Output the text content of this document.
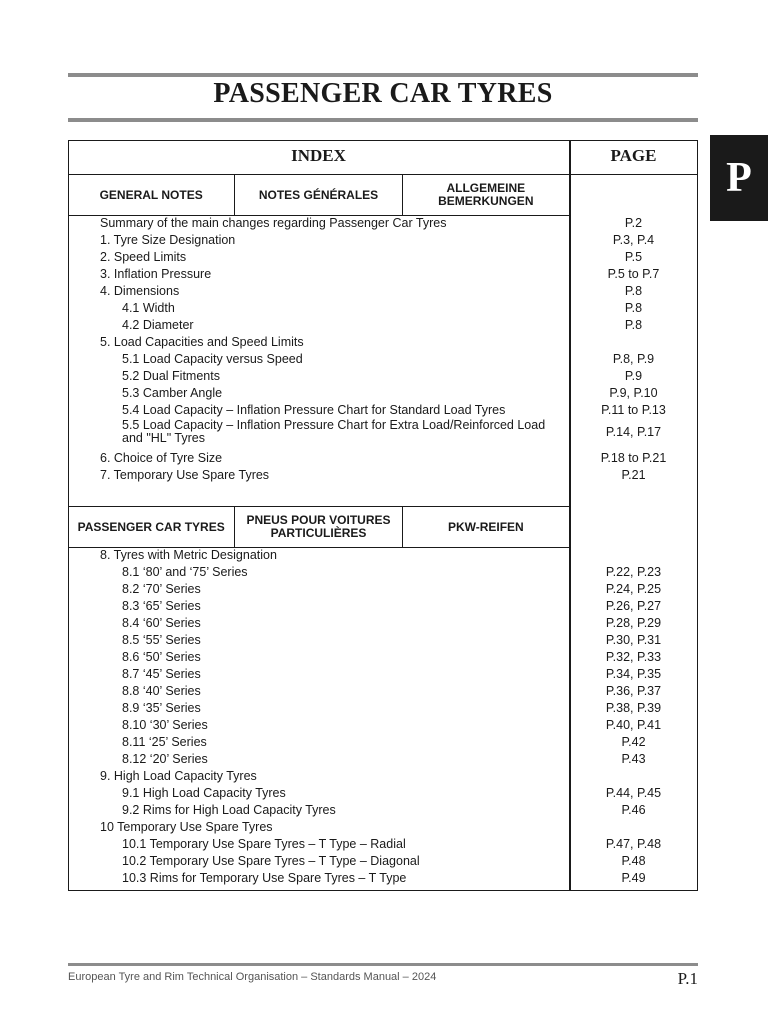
PASSENGER CAR TYRES
P
INDEX	PAGE
GENERAL NOTES	NOTES GÉNÉRALES	ALLGEMEINE BEMERKUNGEN
Summary of the main changes regarding Passenger Car Tyres	P.2
1. Tyre Size Designation	P.3, P.4
2. Speed Limits	P.5
3. Inflation Pressure	P.5 to P.7
4. Dimensions	P.8
4.1 Width	P.8
4.2 Diameter	P.8
5. Load Capacities and Speed Limits
5.1 Load Capacity versus Speed	P.8, P.9
5.2 Dual Fitments	P.9
5.3 Camber Angle	P.9, P.10
5.4 Load Capacity – Inflation Pressure Chart for Standard Load Tyres	P.11 to P.13
5.5 Load Capacity – Inflation Pressure Chart for Extra Load/Reinforced Load and "HL" Tyres	P.14, P.17
6. Choice of Tyre Size	P.18 to P.21
7. Temporary Use Spare Tyres	P.21
PASSENGER CAR TYRES	PNEUS POUR VOITURES PARTICULIÈRES	PKW-REIFEN
8. Tyres with Metric Designation
8.1 ‘80’ and ‘75’ Series	P.22, P.23
8.2 ‘70’ Series	P.24, P.25
8.3 ‘65’ Series	P.26, P.27
8.4 ‘60’ Series	P.28, P.29
8.5 ‘55’ Series	P.30, P.31
8.6 ‘50’ Series	P.32, P.33
8.7 ‘45’ Series	P.34, P.35
8.8 ‘40’ Series	P.36, P.37
8.9 ‘35’ Series	P.38, P.39
8.10 ‘30’ Series	P.40, P.41
8.11 ‘25’ Series	P.42
8.12 ‘20’ Series	P.43
9. High Load Capacity Tyres
9.1 High Load Capacity Tyres	P.44, P.45
9.2 Rims for High Load Capacity Tyres	P.46
10 Temporary Use Spare Tyres
10.1 Temporary Use Spare Tyres – T Type – Radial	P.47, P.48
10.2 Temporary Use Spare Tyres – T Type – Diagonal	P.48
10.3 Rims for Temporary Use Spare Tyres – T Type	P.49
European Tyre and Rim Technical Organisation – Standards Manual – 2024	P.1
